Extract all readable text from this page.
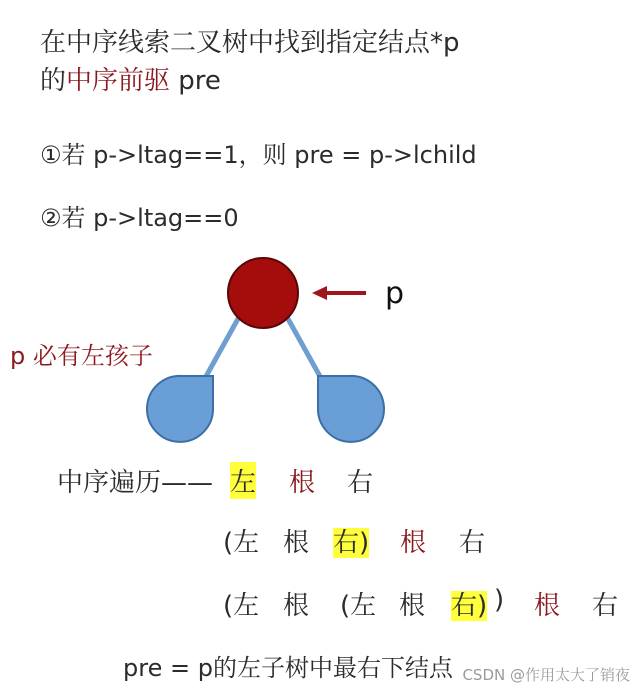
在中序线索二叉树中找到指定结点*p
的中序前驱 pre
①若 p->ltag==1，则 pre = p->lchild
②若 p->ltag==0
p
p 必有左孩子
中序遍历—— 左 根 右
(左 根 右) 根 右
(左 根 (左 根 右) ) 根 右
pre = p的左子树中最右下结点 CSDN @作用太大了销夜
